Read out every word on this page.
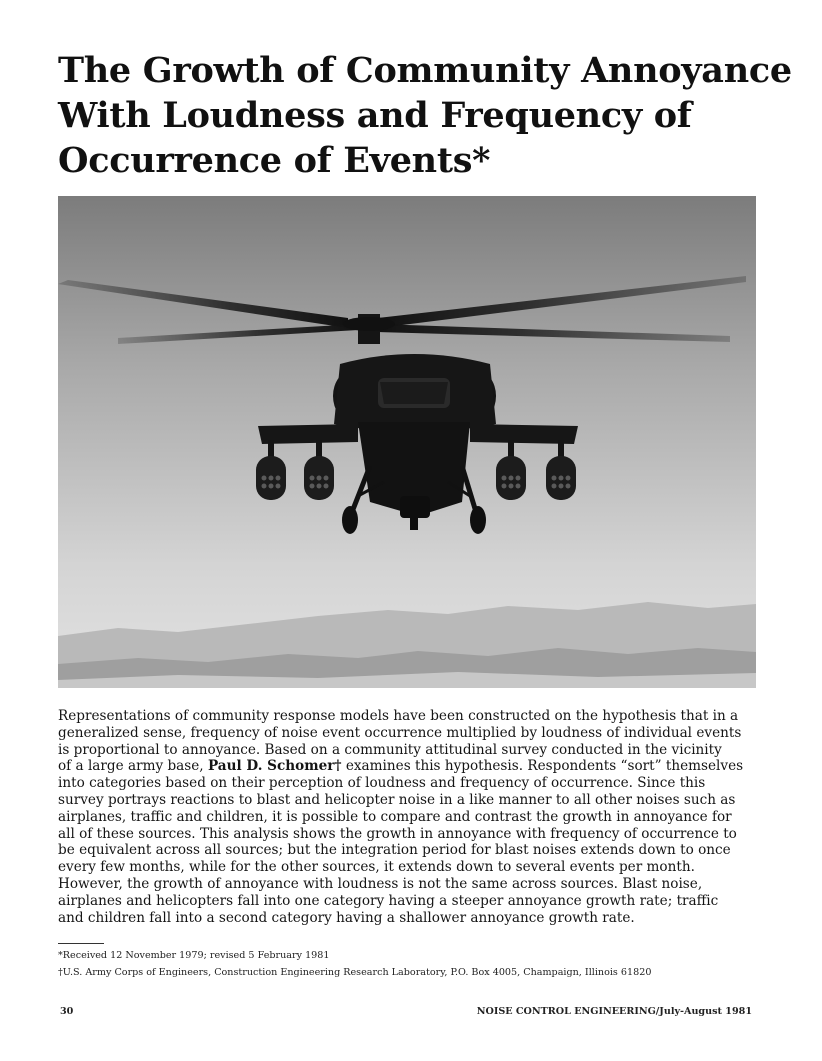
The Growth of Community Annoyance
With Loudness and Frequency of
Occurrence of Events*

Representations of community response models have been constructed on the hypothesis that in a
generalized sense, frequency of noise event occurrence multiplied by loudness of individual events
is proportional to annoyance. Based on a community attitudinal survey conducted in the vicinity
of a large army base, Paul D. Schomer† examines this hypothesis. Respondents “sort” themselves
into categories based on their perception of loudness and frequency of occurrence. Since this
survey portrays reactions to blast and helicopter noise in a like manner to all other noises such as
airplanes, traffic and children, it is possible to compare and contrast the growth in annoyance for
all of these sources. This analysis shows the growth in annoyance with frequency of occurrence to
be equivalent across all sources; but the integration period for blast noises extends down to once
every few months, while for the other sources, it extends down to several events per month.
However, the growth of annoyance with loudness is not the same across sources. Blast noise,
airplanes and helicopters fall into one category having a steeper annoyance growth rate; traffic
and children fall into a second category having a shallower annoyance growth rate.

*Received 12 November 1979; revised 5 February 1981
†U.S. Army Corps of Engineers, Construction Engineering Research Laboratory, P.O. Box 4005, Champaign, Illinois 61820
30	NOISE CONTROL ENGINEERING/July-August 1981
